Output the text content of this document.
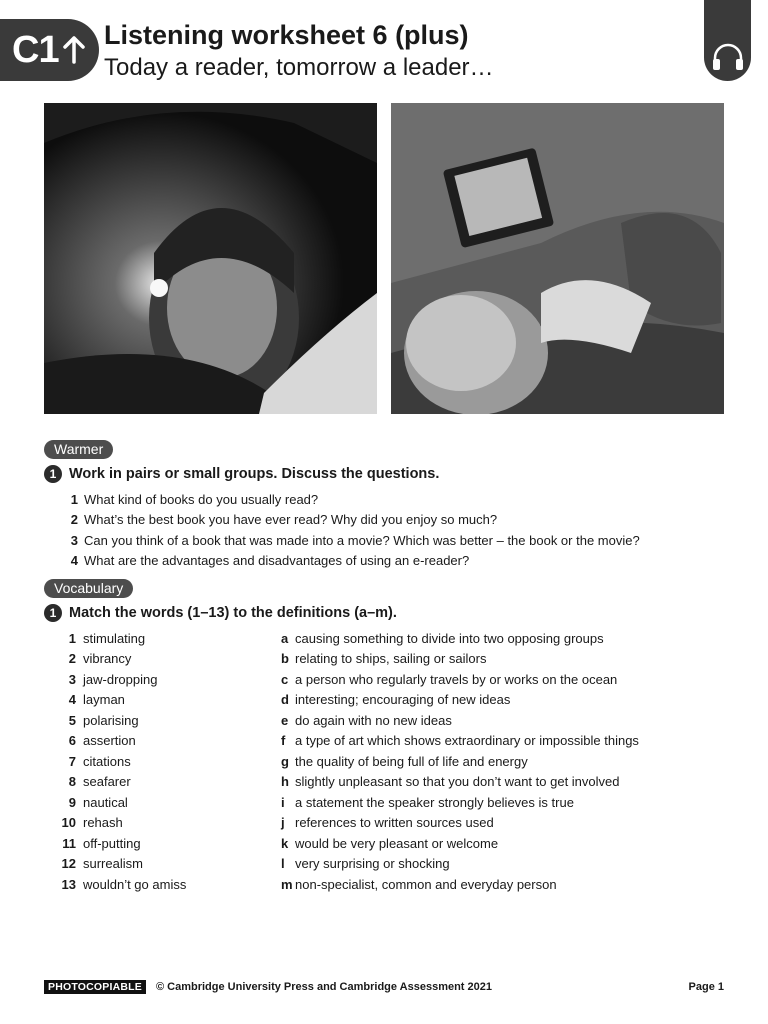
C1 Listening worksheet 6 (plus)
Today a reader, tomorrow a leader…
Warmer
1 Work in pairs or small groups. Discuss the questions.
1 What kind of books do you usually read?
2 What’s the best book you have ever read? Why did you enjoy so much?
3 Can you think of a book that was made into a movie? Which was better – the book or the movie?
4 What are the advantages and disadvantages of using an e-reader?
Vocabulary
1 Match the words (1–13) to the definitions (a–m).
1 stimulating
2 vibrancy
3 jaw-dropping
4 layman
5 polarising
6 assertion
7 citations
8 seafarer
9 nautical
10 rehash
11 off-putting
12 surrealism
13 wouldn’t go amiss
a causing something to divide into two opposing groups
b relating to ships, sailing or sailors
c a person who regularly travels by or works on the ocean
d interesting; encouraging of new ideas
e do again with no new ideas
f a type of art which shows extraordinary or impossible things
g the quality of being full of life and energy
h slightly unpleasant so that you don’t want to get involved
i a statement the speaker strongly believes is true
j references to written sources used
k would be very pleasant or welcome
l very surprising or shocking
m non-specialist, common and everyday person
PHOTOCOPIABLE	© Cambridge University Press and Cambridge Assessment 2021	Page 1
